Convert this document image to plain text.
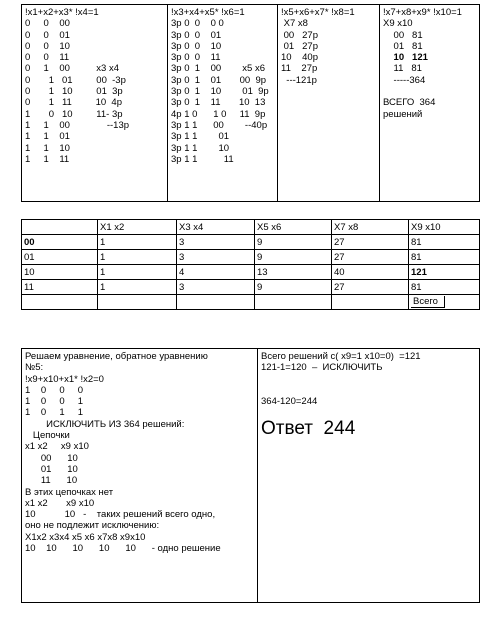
!x1+x2+x3* !x4=1
0     0    00
0     0    01
0     0    10
0     0    11
0     1    00          x3 x4
0       1   01         00  -3p
0       1   10         01  3p
0       1   11         10  4p
1       0   10         11- 3p
1     1    00              --13p
1     1    01
1     1    10
1     1    11

!x3+x4+x5* !x6=1
3p 0  0    0 0
3p 0  0    01
3p 0  0    10
3p 0  0    11
3p 0  1    00        x5 x6
3p 0  1    01       00  9p
3p 0  1    10        01  9p
3p 0  1    11       10  13
4p 1 0      1 0     11  9p
3p 1 1      00        --40p
3p 1 1        01
3p 1 1        10
3p 1 1          11

!x5+x6+x7* !x8=1
X7 x8
00   27p
01   27p
10    40p
11    27p
---121p

!x7+x8+x9* !x10=1
X9 x10
00   81
01   81
10   121
11   81
-----364

ВСЕГО  364
решений
	X1 x2	X3 x4	X5 x6	X7 x8	X9 x10
00	1	3	9	27	81
01	1	3	9	27	81
10	1	4	13	40	121
11	1	3	9	27	81
					Всего
Решаем уравнение, обратное уравнению
№5:
!x9+x10+x1* !x2=0
1    0     0     0
1    0     0     1
1    0     1     1
ИСКЛЮЧИТЬ ИЗ 364 решений:
Цепочки
x1 x2     x9 x10
00      10
01      10
11      10
В этих цепочках нет
x1 x2       x9 x10
10           10   -    таких решений всего одно,
оно не подлежит исключению:
X1x2 x3x4 x5 x6 x7x8 x9x10
10    10      10      10      10      - одно решение

Всего решений с( x9=1 x10=0)  =121
121-1=120  –  ИСКЛЮЧИТЬ

364-120=244
Ответ  244
